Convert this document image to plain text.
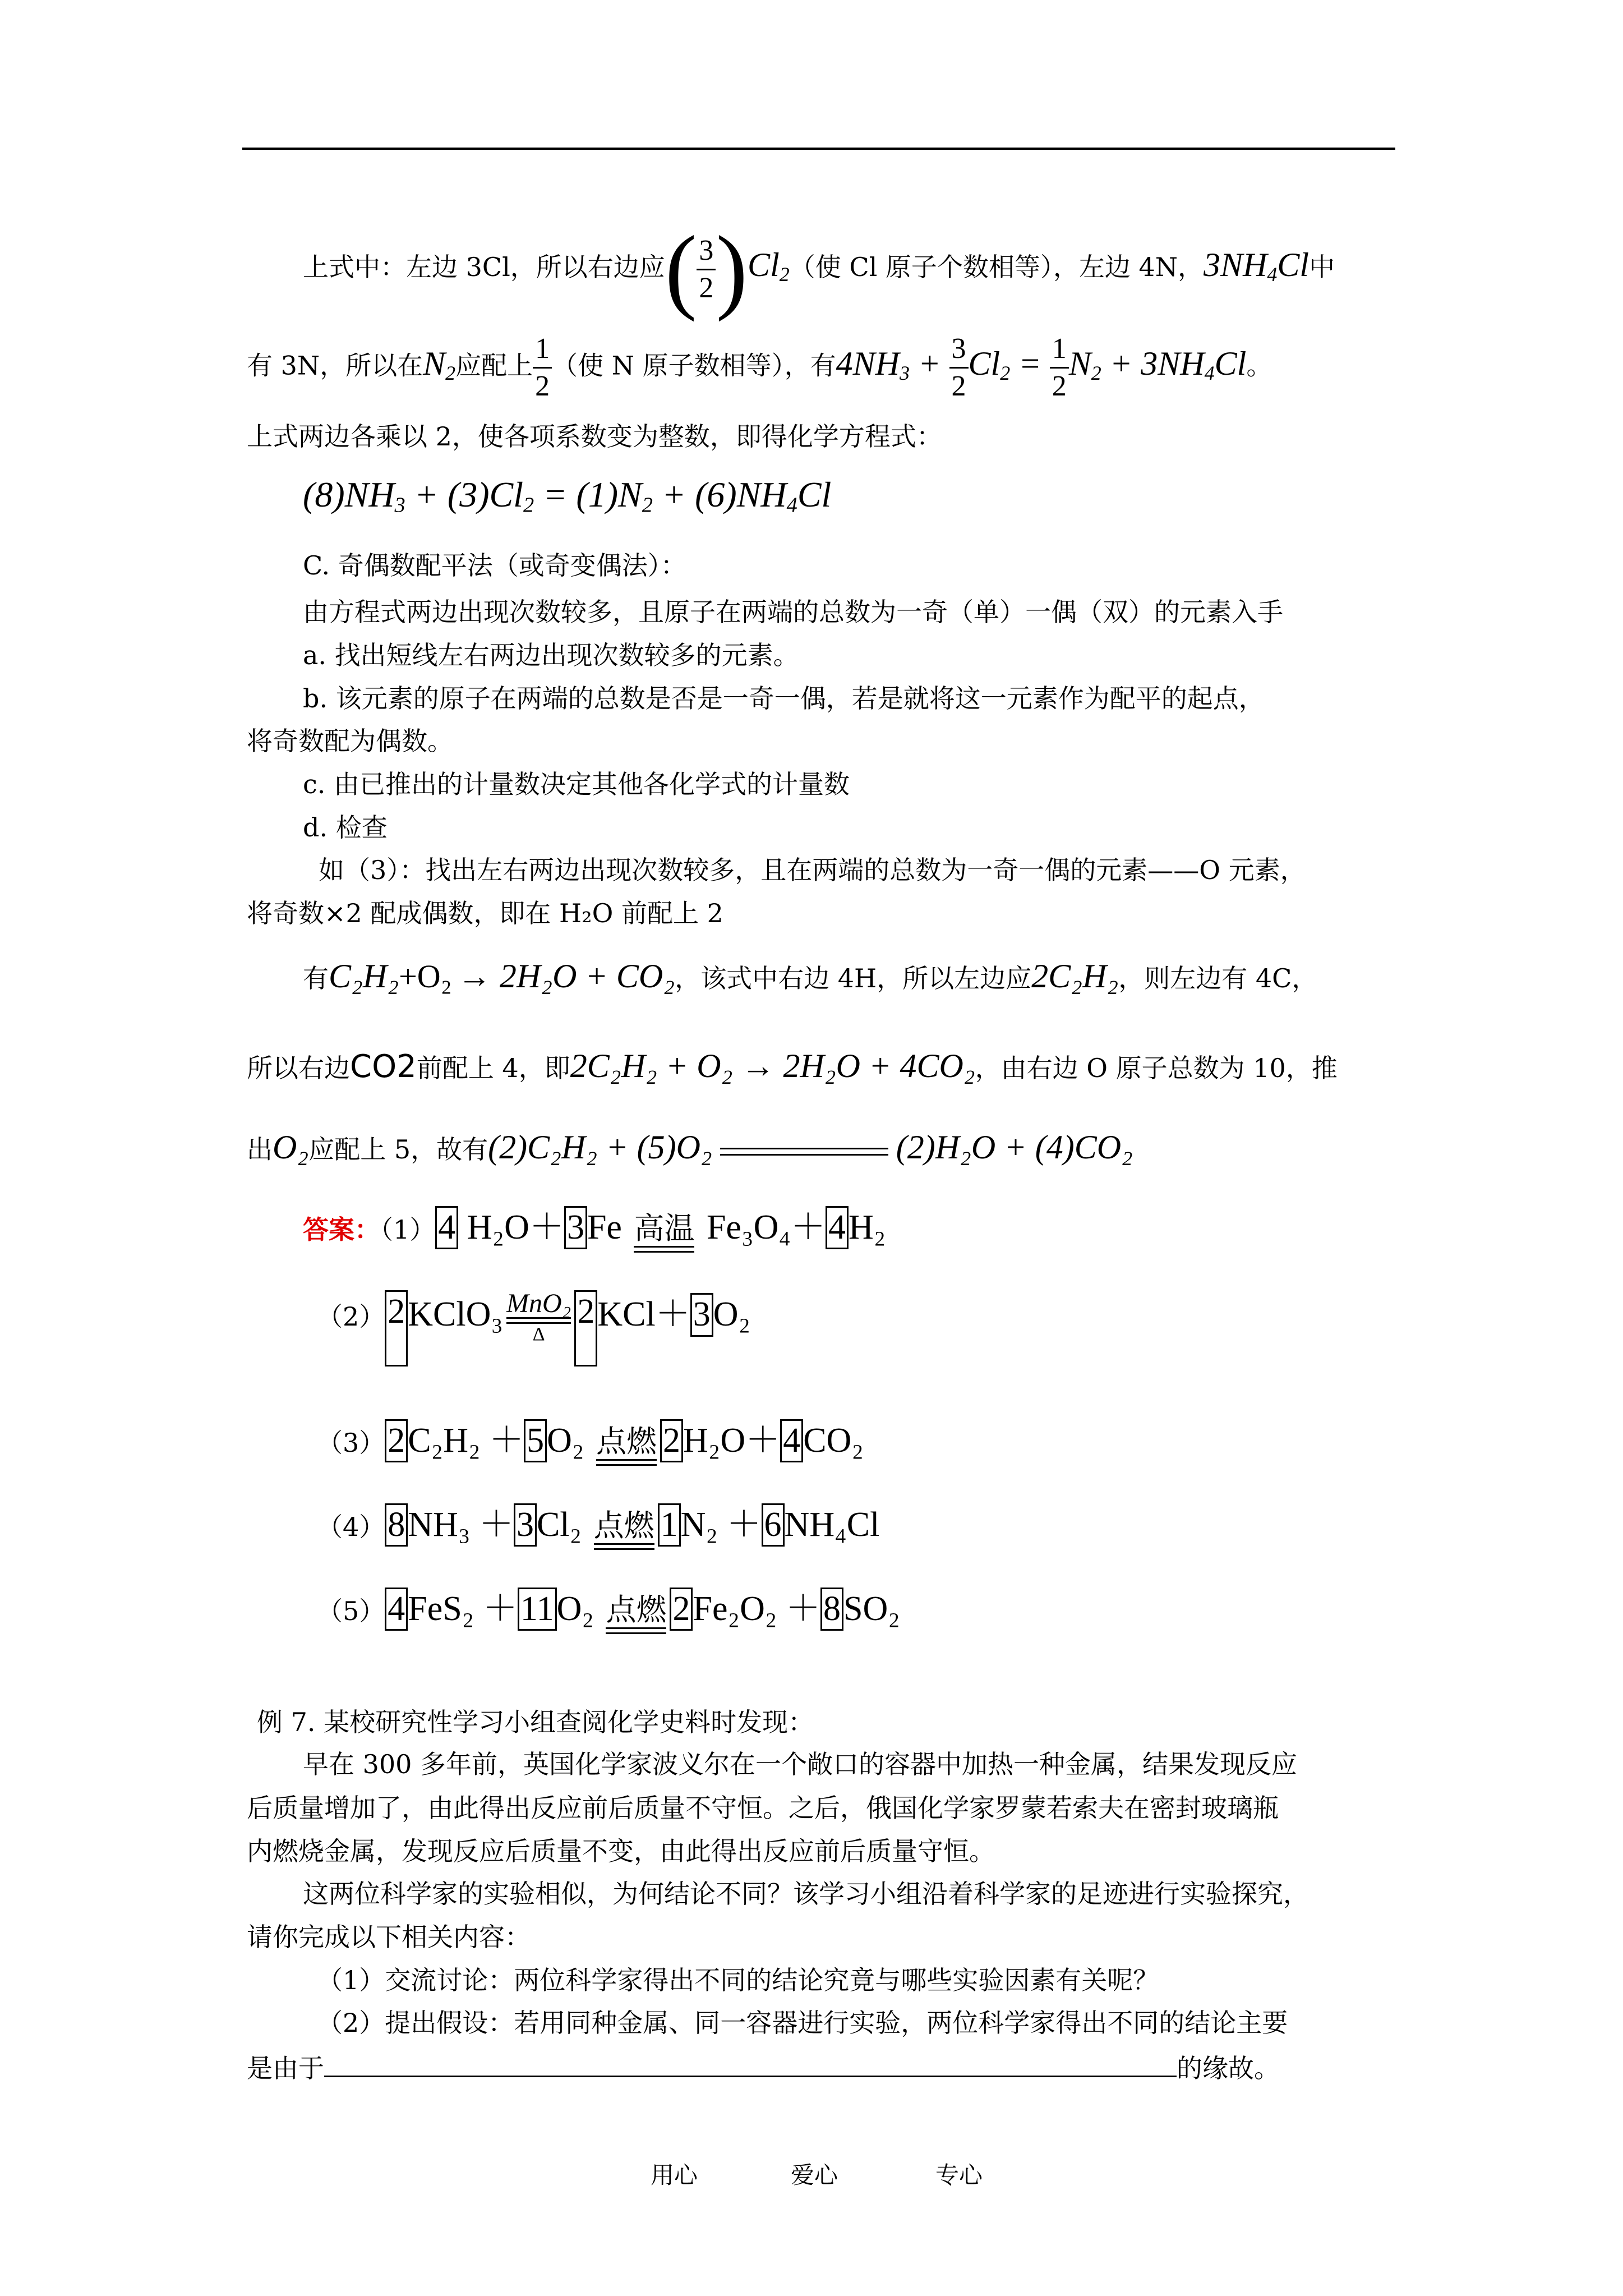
上式中：左边 3Cl，所以右边应( $\frac{3}{2} )Cl_2$（使 Cl 原子个数相等），左边 4N，$3NH_4Cl$中
有 3N，所以在$N_2$应配上 $\frac{1}{2}$ （使 N 原子数相等），有$4NH_3 + \frac{3}{2} Cl_2 = \frac{1}{2} N_2 + 3NH_4Cl$。
上式两边各乘以 2，使各项系数变为整数，即得化学方程式：
$(8)NH_3 + (3)Cl_2 = (1)N_2 + (6)NH_4Cl$
C. 奇偶数配平法（或奇变偶法）：
由方程式两边出现次数较多，且原子在两端的总数为一奇（单）一偶（双）的元素入手
a. 找出短线左右两边出现次数较多的元素。
b. 该元素的原子在两端的总数是否是一奇一偶，若是就将这一元素作为配平的起点，
将奇数配为偶数。
c. 由已推出的计量数决定其他各化学式的计量数
d. 检查
如（3）：找出左右两边出现次数较多，且在两端的总数为一奇一偶的元素——O 元素，
将奇数×2 配成偶数，即在 H₂O 前配上 2
有C₂H₂+O₂ → 2H₂O + CO₂，该式中右边 4H，所以左边应2C₂H₂，则左边有 4C，
所以右边CO2前配上 4，即2C₂H₂ + O₂ → 2H₂O + 4CO₂，由右边 O 原子总数为 10，推
出O₂应配上 5，故有(2)C₂H₂ + (5)O₂	(2)H₂O + (4)CO₂
答案：（1）4 H₂O＋3Fe 高温 Fe₃O₄＋4H₂
（2）2KClO₃ MnO₂
Δ
2KCl＋3O₂
（3）2C₂H₂ ＋5O₂ 点燃 2H₂O＋4CO₂
（4）8NH₃ ＋3Cl₂ 点燃 1N₂ ＋6NH₄Cl
（5）4FeS₂ ＋11O₂ 点燃 2Fe₂O₂ ＋8SO₂
例 7. 某校研究性学习小组查阅化学史料时发现：
早在 300 多年前，英国化学家波义尔在一个敞口的容器中加热一种金属，结果发现反应
后质量增加了，由此得出反应前后质量不守恒。之后，俄国化学家罗蒙若索夫在密封玻璃瓶
内燃烧金属，发现反应后质量不变，由此得出反应前后质量守恒。
这两位科学家的实验相似，为何结论不同？该学习小组沿着科学家的足迹进行实验探究，
请你完成以下相关内容：
（1）交流讨论：两位科学家得出不同的结论究竟与哪些实验因素有关呢？
（2）提出假设：若用同种金属、同一容器进行实验，两位科学家得出不同的结论主要
是由于	的缘故。
用心	爱心	专心
